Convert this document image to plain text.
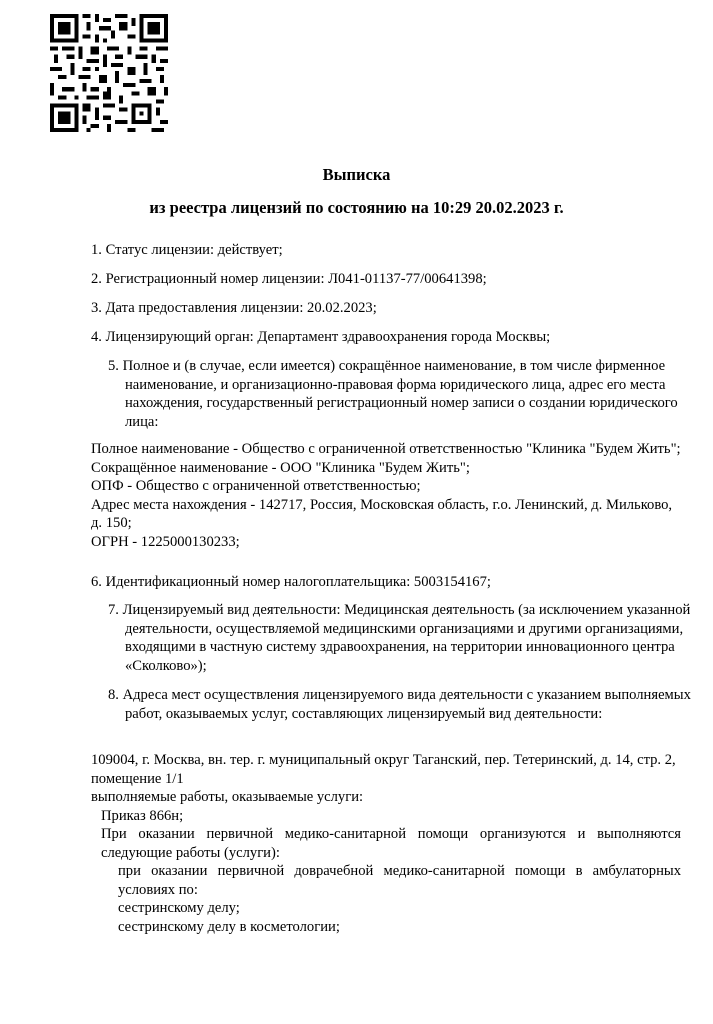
Выписка
из реестра лицензий по состоянию на 10:29 20.02.2023 г.

1. Статус лицензии: действует;

2. Регистрационный номер лицензии: Л041-01137-77/00641398;

3. Дата предоставления лицензии: 20.02.2023;

4. Лицензирующий орган: Департамент здравоохранения города Москвы;

5. Полное и (в случае, если имеется) сокращённое наименование, в том числе фирменное наименование, и организационно-правовая форма юридического лица, адрес его места нахождения, государственный регистрационный номер записи о создании юридического лица:

Полное наименование - Общество с ограниченной ответственностью "Клиника "Будем Жить";

Сокращённое наименование - ООО "Клиника "Будем Жить";

ОПФ - Общество с ограниченной ответственностью;

Адрес места нахождения - 142717, Россия, Московская область, г.о. Ленинский, д. Мильково, д. 150;

ОГРН - 1225000130233;

6. Идентификационный номер налогоплательщика: 5003154167;

7. Лицензируемый вид деятельности: Медицинская деятельность (за исключением указанной деятельности, осуществляемой медицинскими организациями и другими организациями, входящими в частную систему здравоохранения, на территории инновационного центра «Сколково»);

8. Адреса мест осуществления лицензируемого вида деятельности с указанием выполняемых работ, оказываемых услуг, составляющих лицензируемый вид деятельности:

109004, г. Москва, вн. тер. г. муниципальный округ Таганский, пер. Тетеринский, д. 14, стр. 2, помещение 1/1

выполняемые работы, оказываемые услуги:

Приказ 866н;

При оказании первичной медико-санитарной помощи организуются и выполняются следующие работы (услуги):

при оказании первичной доврачебной медико-санитарной помощи в амбулаторных условиях по:

сестринскому делу;

сестринскому делу в косметологии;
